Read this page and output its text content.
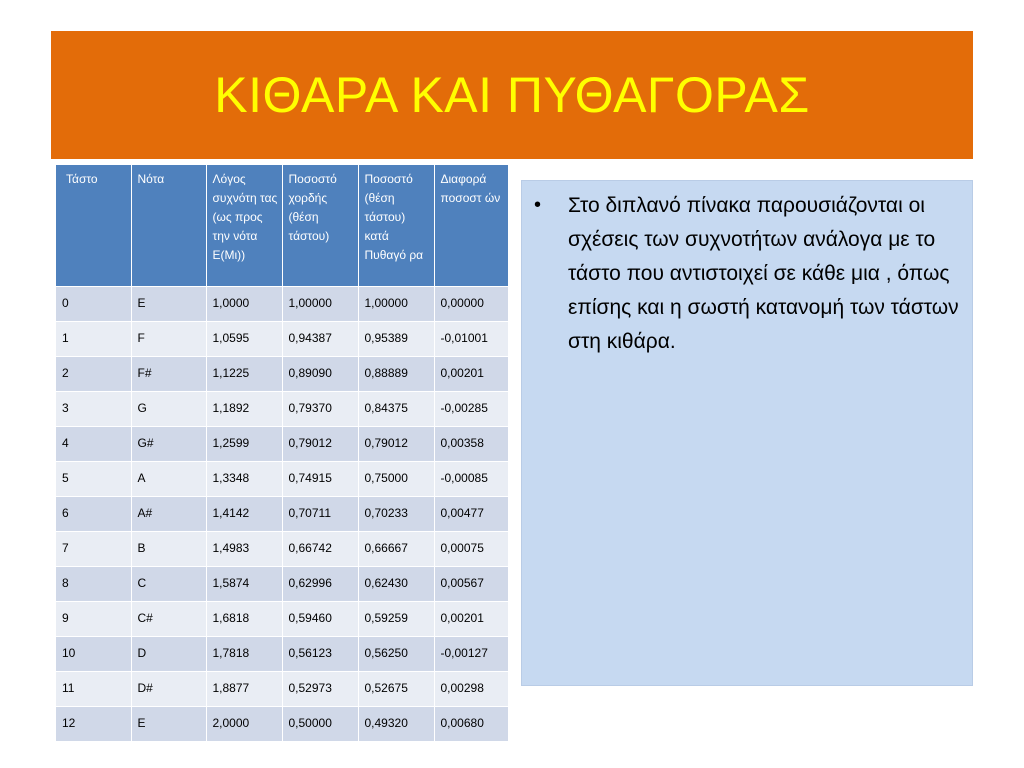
ΚΙΘΑΡΑ ΚΑΙ ΠΥΘΑΓΟΡΑΣ
Τάστο	Νότα	Λόγος συχνότη τας (ως προς την νότα Ε(Μι))	Ποσοστό χορδής (θέση τάστου)	Ποσοστό (θέση τάστου) κατά Πυθαγό ρα	Διαφορά ποσοστ ών
0	E	1,0000	1,00000	1,00000	0,00000
1	F	1,0595	0,94387	0,95389	-0,01001
2	F#	1,1225	0,89090	0,88889	0,00201
3	G	1,1892	0,79370	0,84375	-0,00285
4	G#	1,2599	0,79012	0,79012	0,00358
5	A	1,3348	0,74915	0,75000	-0,00085
6	A#	1,4142	0,70711	0,70233	0,00477
7	B	1,4983	0,66742	0,66667	0,00075
8	C	1,5874	0,62996	0,62430	0,00567
9	C#	1,6818	0,59460	0,59259	0,00201
10	D	1,7818	0,56123	0,56250	-0,00127
11	D#	1,8877	0,52973	0,52675	0,00298
12	E	2,0000	0,50000	0,49320	0,00680
•	Στο διπλανό πίνακα παρουσιάζονται οι σχέσεις των συχνοτήτων ανάλογα με το τάστο που αντιστοιχεί σε κάθε μια , όπως επίσης και η σωστή κατανομή των τάστων στη κιθάρα.
